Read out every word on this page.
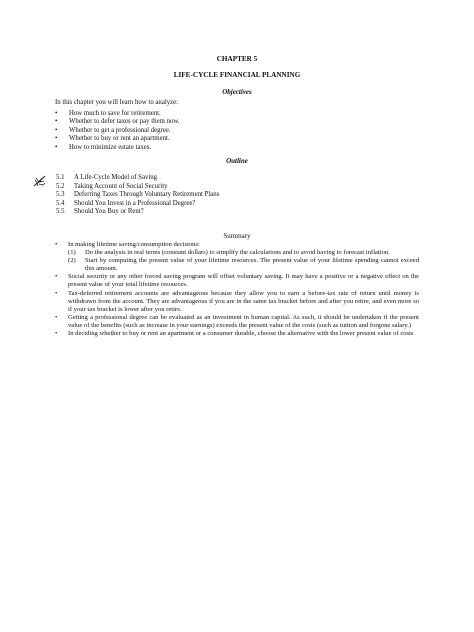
CHAPTER 5
LIFE-CYCLE FINANCIAL PLANNING
Objectives
In this chapter you will learn how to analyze:
• How much to save for retirement.
• Whether to defer taxes or pay them now.
• Whether to get a professional degree.
• Whether to buy or rent an apartment.
• How to minimize estate taxes.
Outline
5.1 A Life-Cycle Model of Saving
5.2 Taking Account of Social Security
5.3 Deferring Taxes Through Voluntary Retirement Plans
5.4 Should You Invest in a Professional Degree?
5.5 Should You Buy or Rent?
Summary
• In making lifetime saving/consumption decisions:
(1) Do the analysis in real terms (constant dollars) to simplify the calculations and to avoid having to forecast inflation.
(2) Start by computing the present value of your lifetime resources. The present value of your lifetime spending cannot exceed this amount.
• Social security or any other forced saving program will offset voluntary saving. It may have a positive or a negative effect on the present value of your total lifetime resources.
• Tax-deferred retirement accounts are advantageous because they allow you to earn a before-tax rate of return until money is withdrawn from the account. They are advantageous if you are in the same tax bracket before and after you retire, and even more so if your tax bracket is lower after you retire.
• Getting a professional degree can be evaluated as an investment in human capital. As such, it should be undertaken if the present value of the benefits (such as increase in your earnings) exceeds the present value of the costs (such as tuition and forgone salary.)
• In deciding whether to buy or rent an apartment or a consumer durable, choose the alternative with the lower present value of costs
